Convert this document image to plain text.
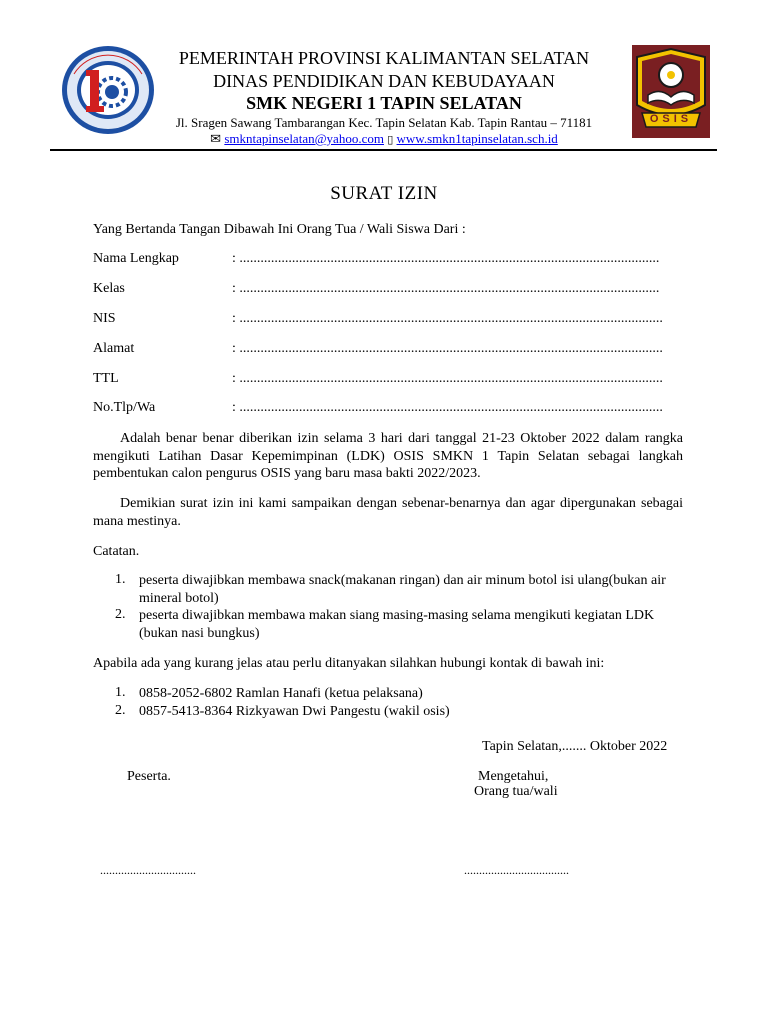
OSIS
PEMERINTAH PROVINSI KALIMANTAN SELATAN
DINAS PENDIDIKAN DAN KEBUDAYAAN
SMK NEGERI 1 TAPIN SELATAN
Jl. Sragen Sawang Tambarangan Kec. Tapin Selatan Kab. Tapin Rantau – 71181
✉ smkntapinselatan@yahoo.com ▯ www.smkn1tapinselatan.sch.id
SURAT IZIN
Yang Bertanda Tangan Dibawah Ini Orang Tua / Wali Siswa Dari :
Nama Lengkap	: ........................................................................................................................
Kelas	: ........................................................................................................................
NIS	: .........................................................................................................................
Alamat	: .........................................................................................................................
TTL	: .........................................................................................................................
No.Tlp/Wa	: .........................................................................................................................
Adalah benar benar diberikan izin selama 3 hari dari tanggal 21-23 Oktober 2022 dalam rangka mengikuti Latihan Dasar Kepemimpinan (LDK) OSIS SMKN 1 Tapin Selatan sebagai langkah pembentukan calon pengurus OSIS yang baru masa bakti 2022/2023.
Demikian surat izin ini kami sampaikan dengan sebenar-benarnya dan agar dipergunakan sebagai mana mestinya.
Catatan.
1. peserta diwajibkan membawa snack(makanan ringan) dan air minum botol isi ulang(bukan air mineral botol)
2. peserta diwajibkan membawa makan siang masing-masing selama mengikuti kegiatan LDK (bukan nasi bungkus)
Apabila ada yang kurang jelas atau perlu ditanyakan silahkan hubungi kontak di bawah ini:
1. 0858-2052-6802 Ramlan Hanafi (ketua pelaksana)
2. 0857-5413-8364 Rizkyawan Dwi Pangestu (wakil osis)
Tapin Selatan,....... Oktober 2022
Peserta.	Mengetahui,
Orang tua/wali
................................	...................................
